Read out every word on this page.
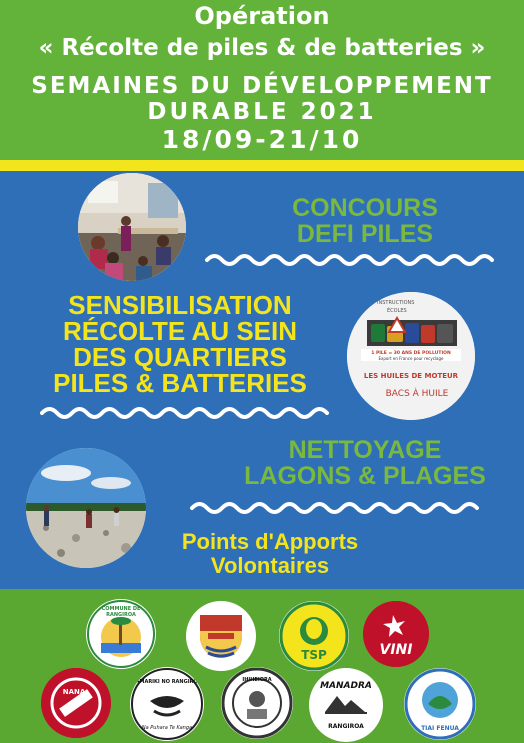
Opération
« Récolte de piles & de batteries »
SEMAINES DU DÉVELOPPEMENT
DURABLE 2021
18/09-21/10
CONCOURS
DEFI PILES
SENSIBILISATION
RÉCOLTE AU SEIN
DES QUARTIERS
PILES & BATTERIES
INSTRUCTIONS
ÉCOLES
1 PILE = 30 ANS DE POLLUTION
Export en France pour recyclage
LES HUILES DE MOTEUR
BACS À HUILE
NETTOYAGE
LAGONS & PLAGES
Points d'Apports
Volontaires
COMMUNE DE
RANGIROA
TSP	VINI
NANA
TAMARIKI NO RANGIROA
Na Puhara Te Kanga
IHIHEIORA
MANADRA
RANGIROA	TIAI FENUA
